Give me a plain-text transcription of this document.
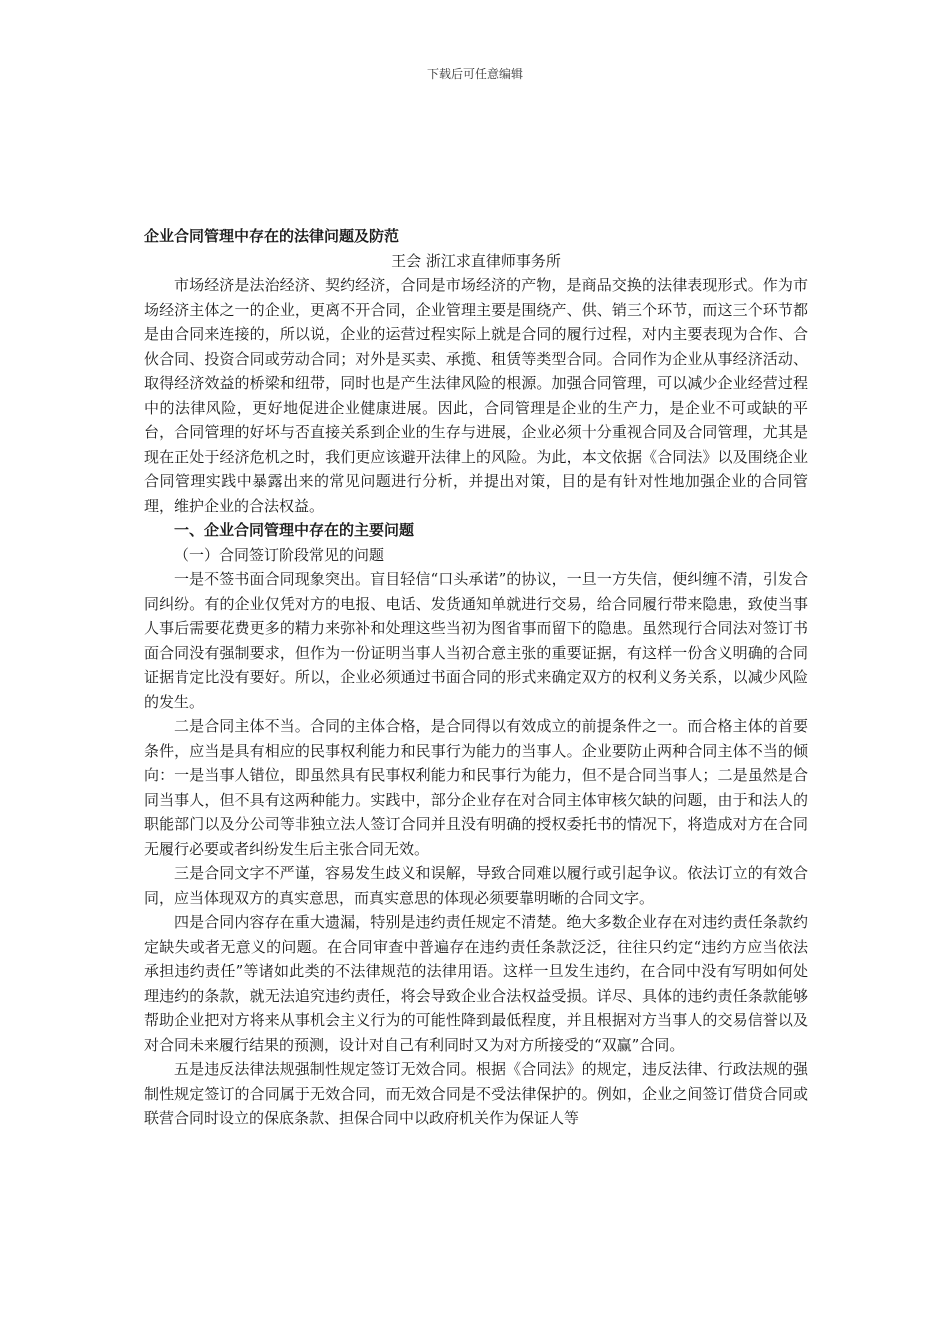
下载后可任意编辑

企业合同管理中存在的法律问题及防范

王会 浙江求直律师事务所

市场经济是法治经济、契约经济，合同是市场经济的产物，是商品交换的法律表现形式。作为市场经济主体之一的企业，更离不开合同，企业管理主要是围绕产、供、销三个环节，而这三个环节都是由合同来连接的，所以说，企业的运营过程实际上就是合同的履行过程，对内主要表现为合作、合伙合同、投资合同或劳动合同；对外是买卖、承揽、租赁等类型合同。合同作为企业从事经济活动、取得经济效益的桥梁和纽带，同时也是产生法律风险的根源。加强合同管理，可以减少企业经营过程中的法律风险，更好地促进企业健康进展。因此，合同管理是企业的生产力，是企业不可或缺的平台，合同管理的好坏与否直接关系到企业的生存与进展，企业必须十分重视合同及合同管理，尤其是现在正处于经济危机之时，我们更应该避开法律上的风险。为此，本文依据《合同法》以及围绕企业合同管理实践中暴露出来的常见问题进行分析，并提出对策，目的是有针对性地加强企业的合同管理，维护企业的合法权益。

一、企业合同管理中存在的主要问题

（一）合同签订阶段常见的问题

一是不签书面合同现象突出。盲目轻信“口头承诺”的协议，一旦一方失信，便纠缠不清，引发合同纠纷。有的企业仅凭对方的电报、电话、发货通知单就进行交易，给合同履行带来隐患，致使当事人事后需要花费更多的精力来弥补和处理这些当初为图省事而留下的隐患。虽然现行合同法对签订书面合同没有强制要求，但作为一份证明当事人当初合意主张的重要证据，有这样一份含义明确的合同证据肯定比没有要好。所以，企业必须通过书面合同的形式来确定双方的权利义务关系，以减少风险的发生。

二是合同主体不当。合同的主体合格，是合同得以有效成立的前提条件之一。而合格主体的首要条件，应当是具有相应的民事权利能力和民事行为能力的当事人。企业要防止两种合同主体不当的倾向：一是当事人错位，即虽然具有民事权利能力和民事行为能力，但不是合同当事人；二是虽然是合同当事人，但不具有这两种能力。实践中，部分企业存在对合同主体审核欠缺的问题，由于和法人的职能部门以及分公司等非独立法人签订合同并且没有明确的授权委托书的情况下，将造成对方在合同无履行必要或者纠纷发生后主张合同无效。

三是合同文字不严谨，容易发生歧义和误解，导致合同难以履行或引起争议。依法订立的有效合同，应当体现双方的真实意思，而真实意思的体现必须要靠明晰的合同文字。

四是合同内容存在重大遗漏，特别是违约责任规定不清楚。绝大多数企业存在对违约责任条款约定缺失或者无意义的问题。在合同审查中普遍存在违约责任条款泛泛，往往只约定“违约方应当依法承担违约责任”等诸如此类的不法律规范的法律用语。这样一旦发生违约，在合同中没有写明如何处理违约的条款，就无法追究违约责任，将会导致企业合法权益受损。详尽、具体的违约责任条款能够帮助企业把对方将来从事机会主义行为的可能性降到最低程度，并且根据对方当事人的交易信誉以及对合同未来履行结果的预测，设计对自己有利同时又为对方所接受的“双赢”合同。

五是违反法律法规强制性规定签订无效合同。根据《合同法》的规定，违反法律、行政法规的强制性规定签订的合同属于无效合同，而无效合同是不受法律保护的。例如，企业之间签订借贷合同或联营合同时设立的保底条款、担保合同中以政府机关作为保证人等
